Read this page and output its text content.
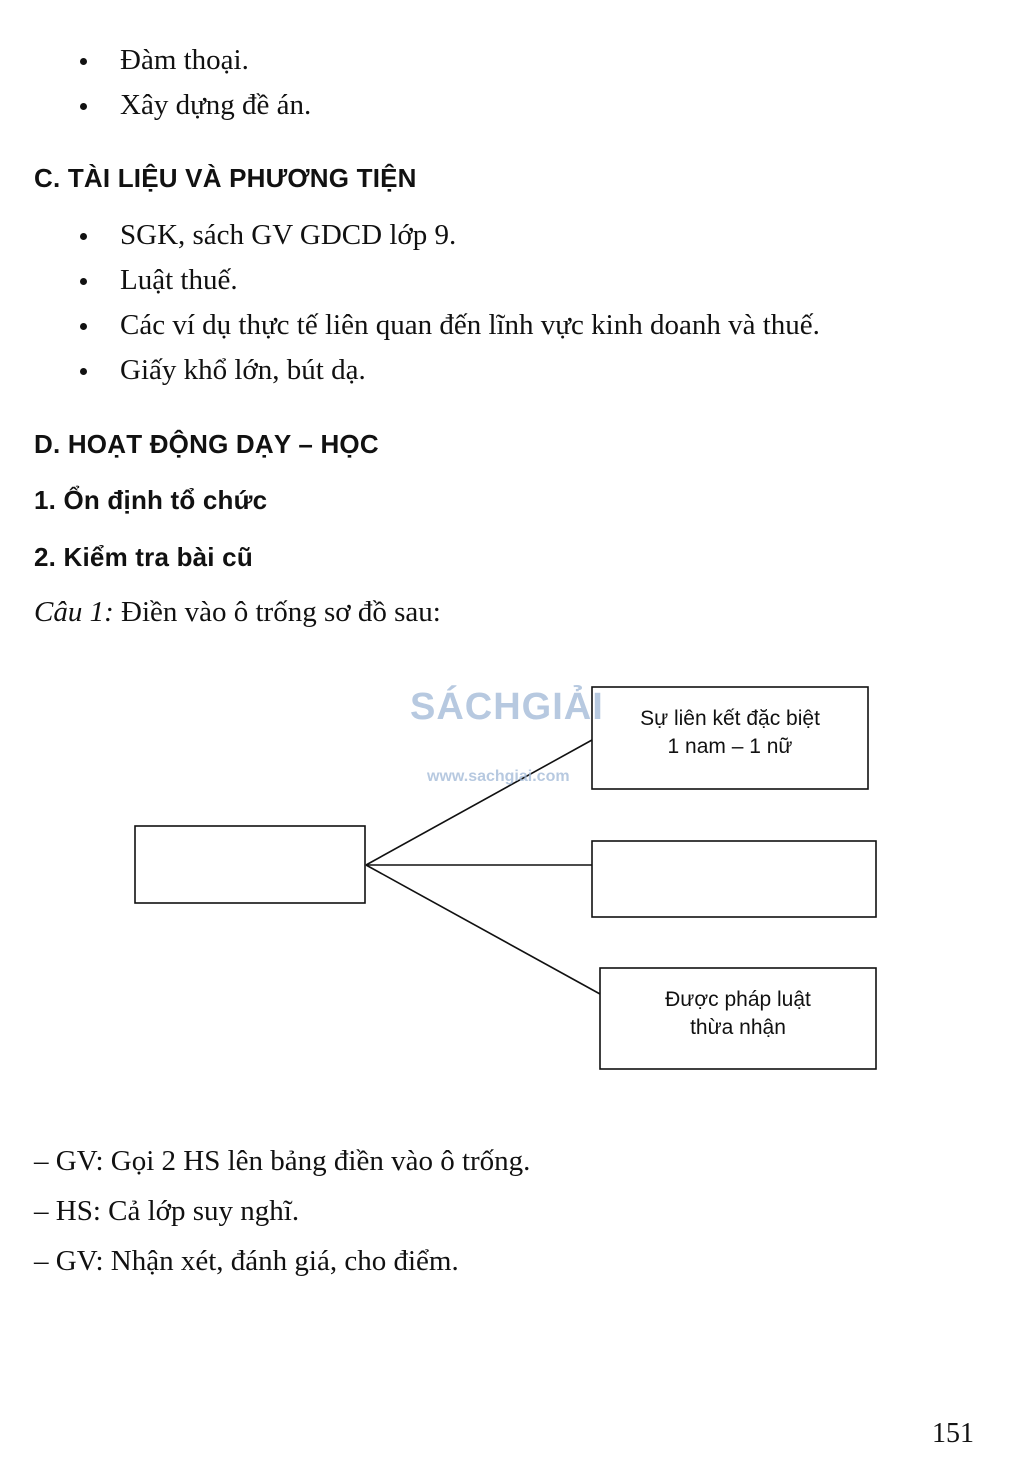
Đàm thoại.
Xây dựng đề án.
C. TÀI LIỆU VÀ PHƯƠNG TIỆN
SGK, sách GV GDCD lớp 9.
Luật thuế.
Các ví dụ thực tế liên quan đến lĩnh vực kinh doanh và thuế.
Giấy khổ lớn, bút dạ.
D. HOẠT ĐỘNG DẠY – HỌC
1. Ổn định tổ chức
2. Kiểm tra bài cũ
Câu 1: Điền vào ô trống sơ đồ sau:
Sự liên kết đặc biệt
1 nam – 1 nữ
Được pháp luật
thừa nhận
SÁCHGIẢI
www.sachgiai.com
– GV: Gọi 2 HS lên bảng điền vào ô trống.
– HS: Cả lớp suy nghĩ.
– GV: Nhận xét, đánh giá, cho điểm.
151
